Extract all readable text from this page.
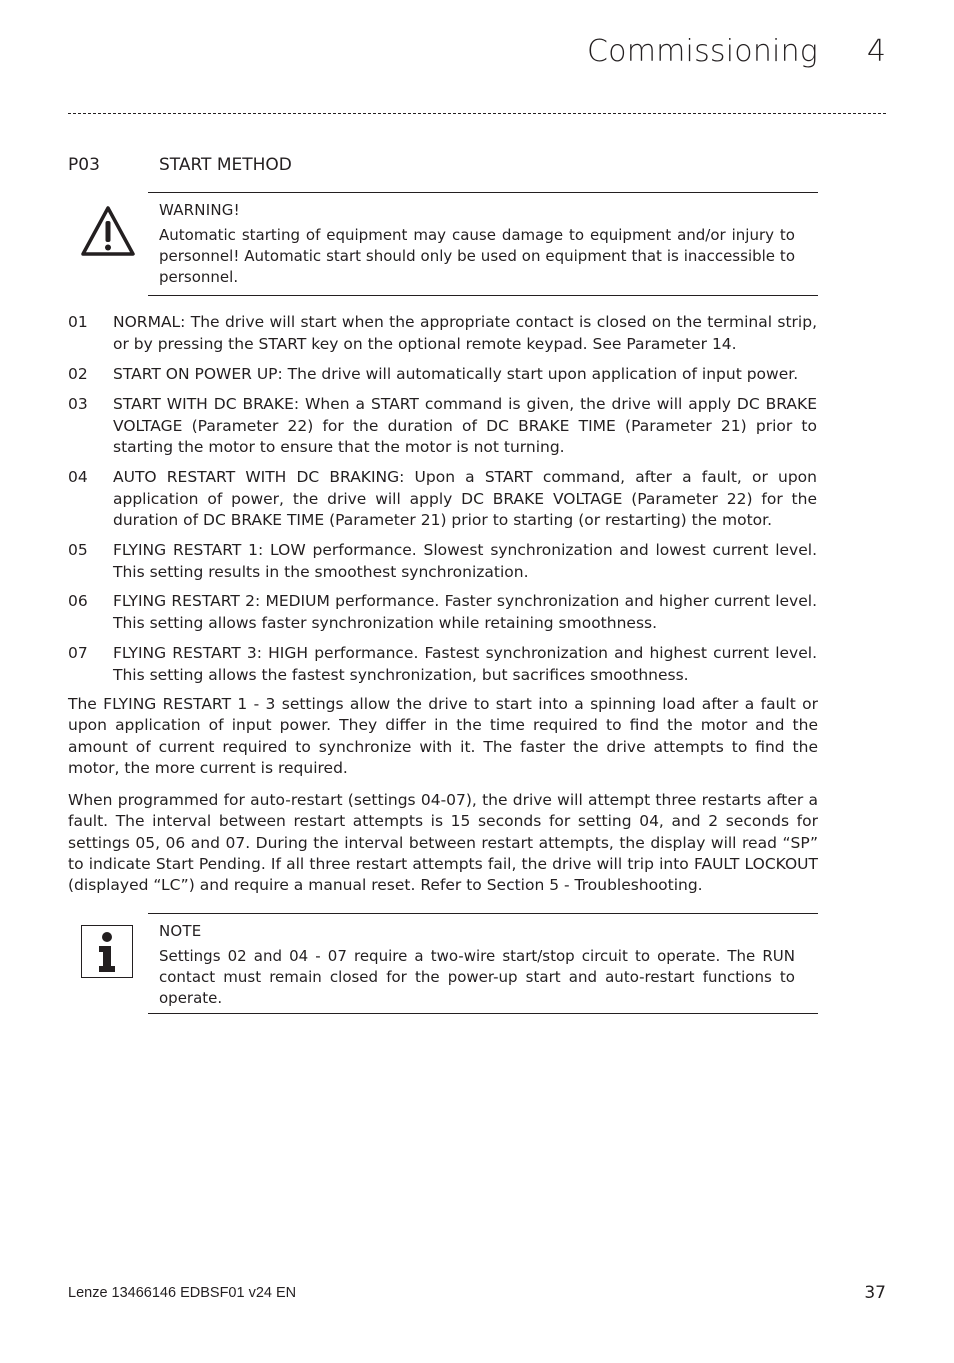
Commissioning	4
P03	START METHOD
WARNING!
Automatic starting of equipment may cause damage to equipment and/or injury to personnel! Automatic start should only be used on equipment that is inaccessible to personnel.
01 NORMAL: The drive will start when the appropriate contact is closed on the terminal strip, or by pressing the START key on the optional remote keypad. See Parameter 14.
02 START ON POWER UP: The drive will automatically start upon application of input power.
03 START WITH DC BRAKE: When a START command is given, the drive will apply DC BRAKE VOLTAGE (Parameter 22) for the duration of DC BRAKE TIME (Parameter 21) prior to starting the motor to ensure that the motor is not turning.
04 AUTO RESTART WITH DC BRAKING: Upon a START command, after a fault, or upon application of power, the drive will apply DC BRAKE VOLTAGE (Parameter 22) for the duration of DC BRAKE TIME (Parameter 21) prior to starting (or restarting) the motor.
05 FLYING RESTART 1: LOW performance. Slowest synchronization and lowest current level. This setting results in the smoothest synchronization.
06 FLYING RESTART 2: MEDIUM performance. Faster synchronization and higher current level. This setting allows faster synchronization while retaining smoothness.
07 FLYING RESTART 3: HIGH performance. Fastest synchronization and highest current level. This setting allows the fastest synchronization, but sacrifices smoothness.
The FLYING RESTART 1 - 3 settings allow the drive to start into a spinning load after a fault or upon application of input power. They differ in the time required to find the motor and the amount of current required to synchronize with it. The faster the drive attempts to find the motor, the more current is required.
When programmed for auto-restart (settings 04-07), the drive will attempt three restarts after a fault. The interval between restart attempts is 15 seconds for setting 04, and 2 seconds for settings 05, 06 and 07. During the interval between restart attempts, the display will read “SP” to indicate Start Pending. If all three restart attempts fail, the drive will trip into FAULT LOCKOUT (displayed “LC”) and require a manual reset. Refer to Section 5 - Troubleshooting.
NOTE
Settings 02 and 04 - 07 require a two-wire start/stop circuit to operate. The RUN contact must remain closed for the power-up start and auto-restart functions to operate.
Lenze 13466146 EDBSF01 v24 EN	37
